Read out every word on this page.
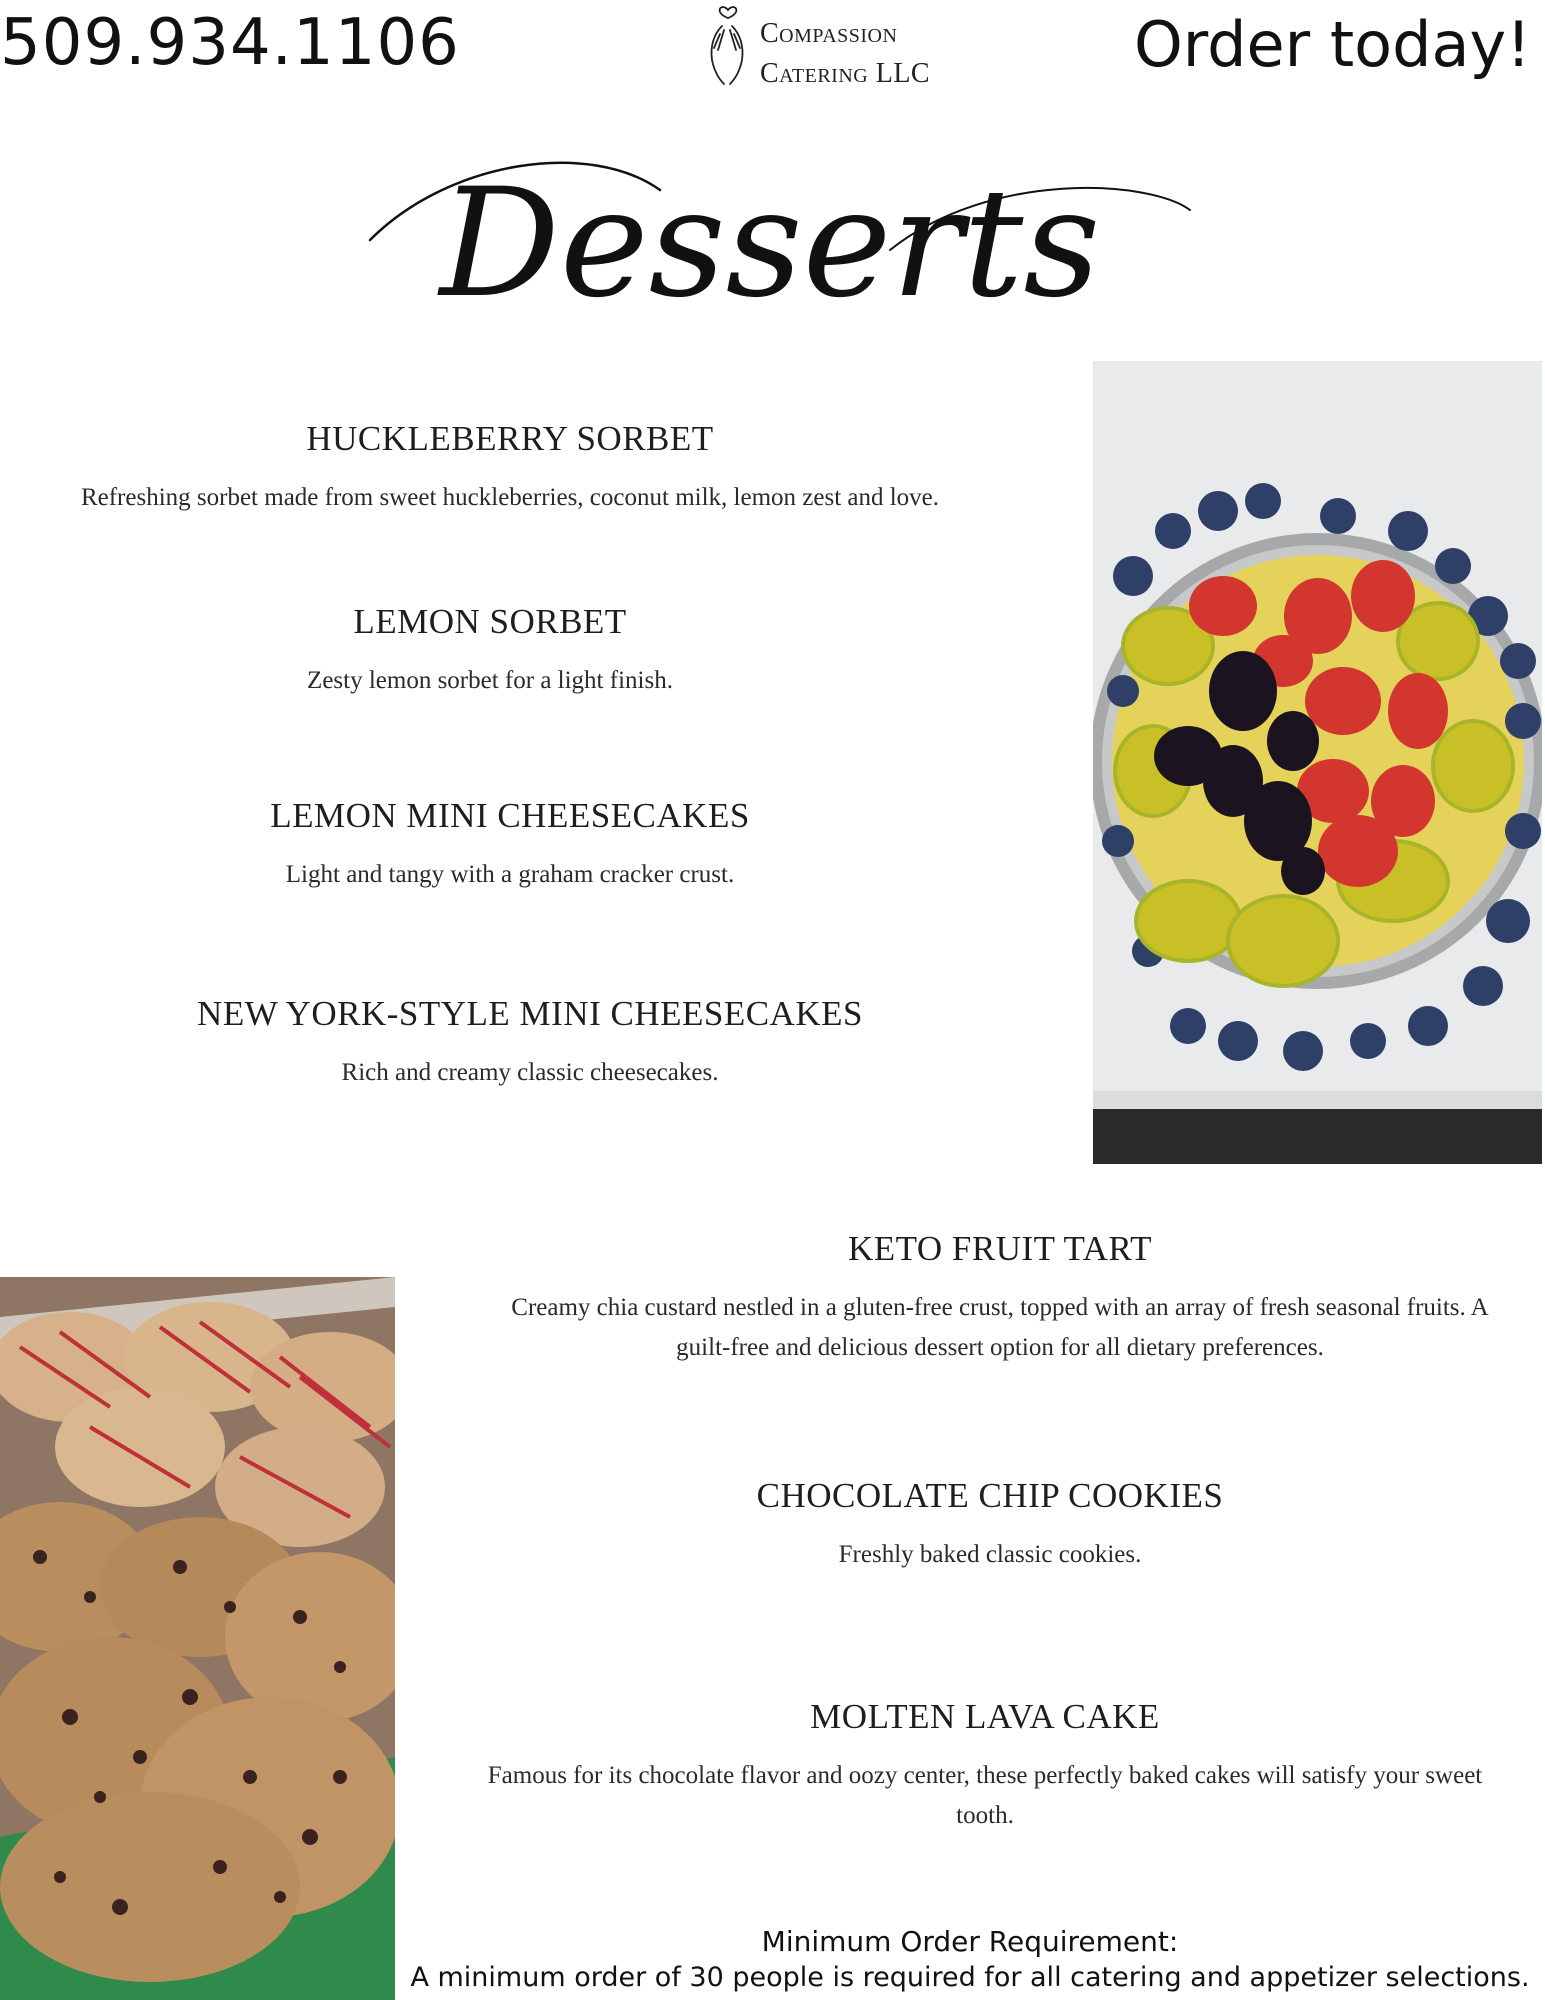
509.934.1106	Compassion
Catering LLC	Order today!
Desserts
HUCKLEBERRY SORBET
Refreshing sorbet made from sweet huckleberries, coconut milk, lemon zest and love.
LEMON SORBET
Zesty lemon sorbet for a light finish.
LEMON MINI CHEESECAKES
Light and tangy with a graham cracker crust.
NEW YORK-STYLE MINI CHEESECAKES
Rich and creamy classic cheesecakes.
KETO FRUIT TART
Creamy chia custard nestled in a gluten-free crust, topped with an array of fresh seasonal fruits. A guilt-free and delicious dessert option for all dietary preferences.
CHOCOLATE CHIP COOKIES
Freshly baked classic cookies.
MOLTEN LAVA CAKE
Famous for its chocolate flavor and oozy center, these perfectly baked cakes will satisfy your sweet tooth.
Minimum Order Requirement:
A minimum order of 30 people is required for all catering and appetizer selections.
